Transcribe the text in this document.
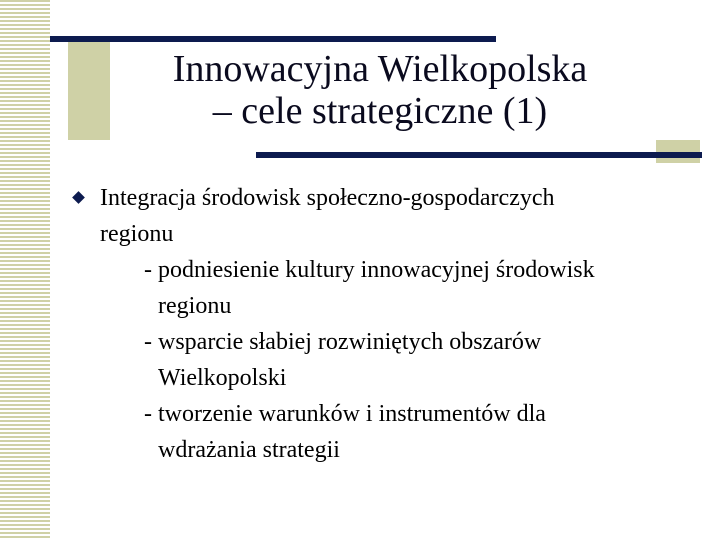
Innowacyjna Wielkopolska
– cele strategiczne (1)
Integracja środowisk społeczno-gospodarczych
regionu
- podniesienie kultury innowacyjnej środowisk
regionu
- wsparcie słabiej rozwiniętych obszarów
Wielkopolski
- tworzenie warunków i instrumentów dla
wdrażania strategii
